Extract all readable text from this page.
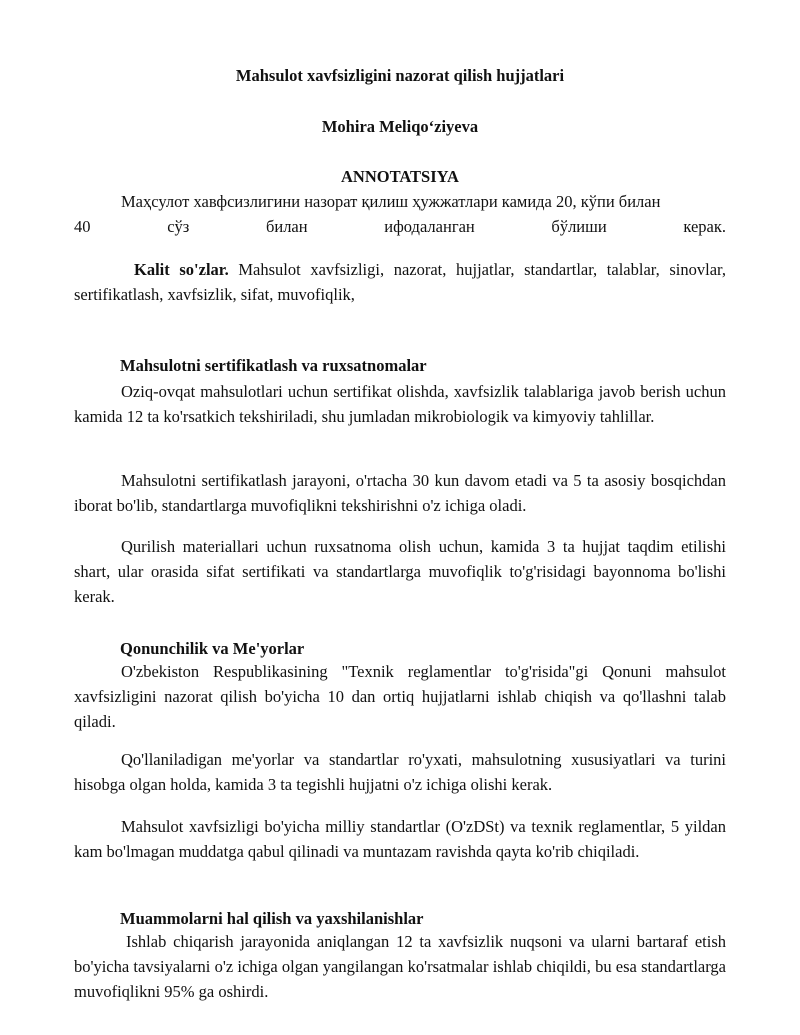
Mahsulot xavfsizligini nazorat qilish hujjatlari
Mohira Meliqo‘ziyeva
ANNOTATSIYA
Маҳсулот хавфсизлигини назорат қилиш ҳужжатлари камида 20, кўпи билан
40 сўз билан ифодаланган бўлиши керак.
Kalit so'zlar. Mahsulot xavfsizligi, nazorat, hujjatlar, standartlar, talablar, sinovlar, sertifikatlash, xavfsizlik, sifat, muvofiqlik,
Mahsulotni sertifikatlash va ruxsatnomalar
Oziq-ovqat mahsulotlari uchun sertifikat olishda, xavfsizlik talablariga javob berish uchun kamida 12 ta ko'rsatkich tekshiriladi, shu jumladan mikrobiologik va kimyoviy tahlillar.
Mahsulotni sertifikatlash jarayoni, o'rtacha 30 kun davom etadi va 5 ta asosiy bosqichdan iborat bo'lib, standartlarga muvofiqlikni tekshirishni o'z ichiga oladi.
Qurilish materiallari uchun ruxsatnoma olish uchun, kamida 3 ta hujjat taqdim etilishi shart, ular orasida sifat sertifikati va standartlarga muvofiqlik to'g'risidagi bayonnoma bo'lishi kerak.
Qonunchilik va Me'yorlar
O'zbekiston Respublikasining "Texnik reglamentlar to'g'risida"gi Qonuni mahsulot xavfsizligini nazorat qilish bo'yicha 10 dan ortiq hujjatlarni ishlab chiqish va qo'llashni talab qiladi.
Qo'llaniladigan me'yorlar va standartlar ro'yxati, mahsulotning xususiyatlari va turini hisobga olgan holda, kamida 3 ta tegishli hujjatni o'z ichiga olishi kerak.
Mahsulot xavfsizligi bo'yicha milliy standartlar (O'zDSt) va texnik reglamentlar, 5 yildan kam bo'lmagan muddatga qabul qilinadi va muntazam ravishda qayta ko'rib chiqiladi.
Muammolarni hal qilish va yaxshilanishlar
Ishlab chiqarish jarayonida aniqlangan 12 ta xavfsizlik nuqsoni va ularni bartaraf etish bo'yicha tavsiyalarni o'z ichiga olgan yangilangan ko'rsatmalar ishlab chiqildi, bu esa standartlarga muvofiqlikni 95% ga oshirdi.
